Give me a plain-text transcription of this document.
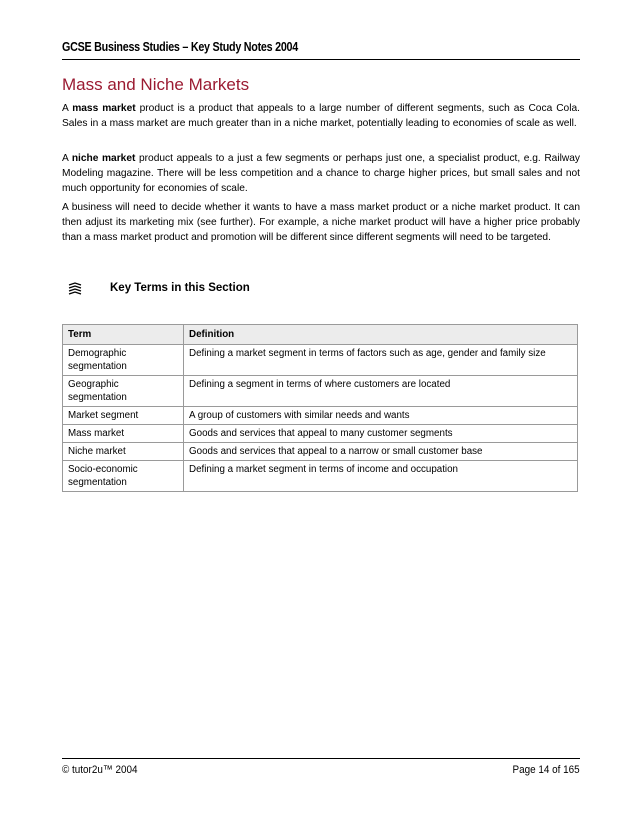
GCSE Business Studies – Key Study Notes 2004
Mass and Niche Markets

A mass market product is a product that appeals to a large number of different segments, such as Coca Cola. Sales in a mass market are much greater than in a niche market, potentially leading to economies of scale as well.

A niche market product appeals to a just a few segments or perhaps just one, a specialist product, e.g. Railway Modeling magazine. There will be less competition and a chance to charge higher prices, but small sales and not much opportunity for economies of scale.

A business will need to decide whether it wants to have a mass market product or a niche market product. It can then adjust its marketing mix (see further). For example, a niche market product will have a higher price probably than a mass market product and promotion will be different since different segments will need to be targeted.

Key Terms in this Section
Term	Definition
Demographic segmentation	Defining a market segment in terms of factors such as age, gender and family size
Geographic segmentation	Defining a segment in terms of where customers are located
Market segment	A group of customers with similar needs and wants
Mass market	Goods and services that appeal to many customer segments
Niche market	Goods and services that appeal to a narrow or small customer base
Socio-economic segmentation	Defining a market segment in terms of income and occupation
© tutor2u™ 2004	Page 14 of 165
